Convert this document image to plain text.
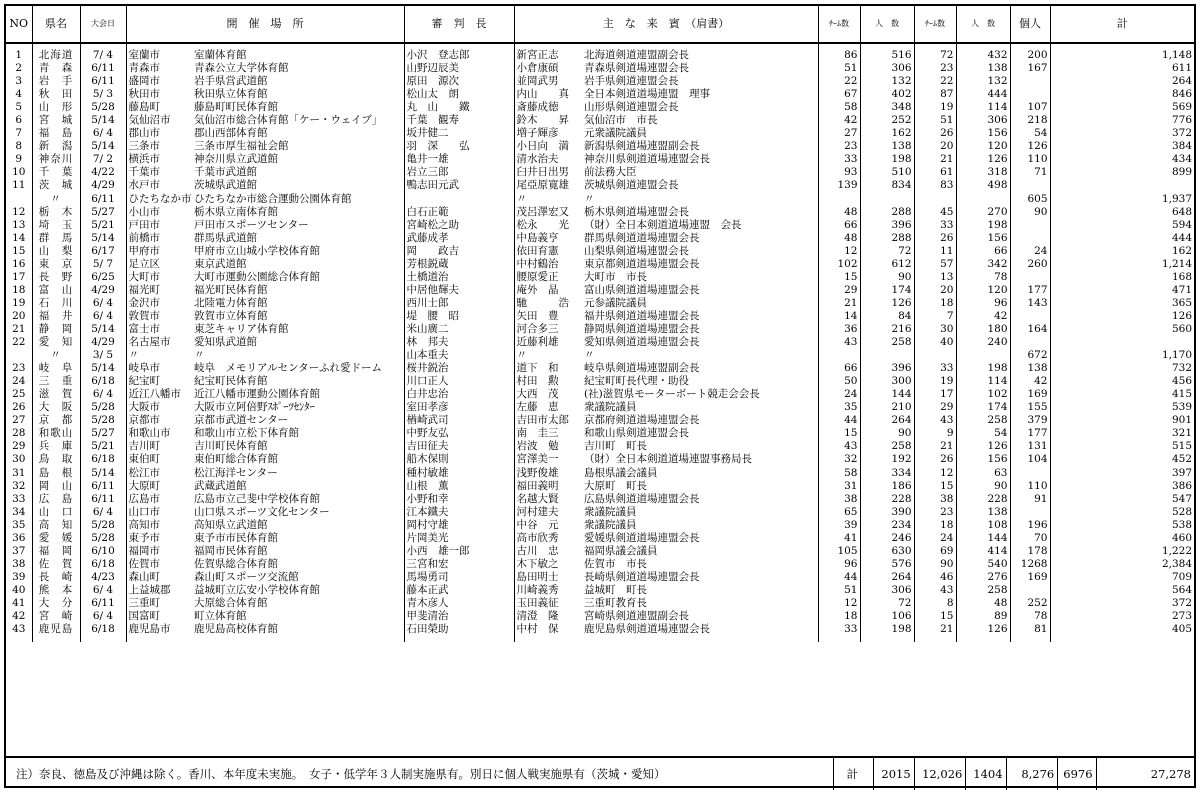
NO	県名	大会日	開　催　場　所		審　判　長	主　な　来　賓　（肩書）		ﾁｰﾑ数	人　数	ﾁｰﾑ数	人　数	個人	計
1	北海道	7/ 4	室蘭市	室蘭体育館	小沢　登志郎	新宮正志	北海道剣道連盟副会長	86	516	72	432	200	1,148
2	青　森	6/11	青森市	青森公立大学体育館	山野辺辰美	小倉康碩	青森県剣道場連盟会長	51	306	23	138	167	611
3	岩　手	6/11	盛岡市	岩手県営武道館	原田　源次	並岡武男	岩手県剣道連盟会長	22	132	22	132		264
4	秋　田	5/ 3	秋田市	秋田県立体育館	松山太　朗	内山　　真	全日本剣道道場連盟　理事	67	402	87	444		846
5	山　形	5/28	藤島町	藤島町町民体育館	丸　山　　鐵	斎藤成徳	山形県剣道連盟会長	58	348	19	114	107	569
6	宮　城	5/14	気仙沼市	気仙沼市総合体育館「ケー・ウェイブ」	千葉　観寿	鈴木　　昇	気仙沼市　市長	42	252	51	306	218	776
7	福　島	6/ 4	郡山市	郡山西部体育館	坂井健二	増子輝彦	元衆議院議員	27	162	26	156	54	372
8	新　潟	5/14	三条市	三条市厚生福祉会館	羽　深　　弘	小日向　満	新潟県剣道場連盟副会長	23	138	20	120	126	384
9	神奈川	7/ 2	横浜市	神奈川県立武道館	亀井一雄	清水治夫	神奈川県剣道道場連盟会長	33	198	21	126	110	434
10	千　葉	4/22	千葉市	千葉市武道館	岩立三郎	臼井日出男	前法務大臣	93	510	61	318	71	899
11	茨　城	4/29	水戸市	茨城県武道館	鴨志田元武	尾亞原寛雄	茨城県剣道連盟会長	139	834	83	498		
	〃	6/11	ひたちなか市	ひたちなか市総合運動公園体育館		〃	〃					605	1,937
12	栃　木	5/27	小山市	栃木県立南体育館	白石正範	茂呂澤宏又	栃木県剣道場連盟会長	48	288	45	270	90	648
13	埼　玉	5/21	戸田市	戸田市スポーツセンター	宮崎松之助	松永　　光	（財）全日本剣道道場連盟　会長	66	396	33	198		594
14	群　馬	5/14	前橋市	群馬県武道館	武藤成孝	中島義亨	群馬県剣道道場連盟会長	48	288	26	156		444
15	山　梨	6/17	甲府市	甲府市立山城小学校体育館	岡　　政吉	依田育憲	山梨県剣道場連盟会長	12	72	11	66	24	162
16	東　京	5/ 7	足立区	東京武道館	芳根鋭蔵	中村鶴治	東京都剣道道場連盟会長	102	612	57	342	260	1,214
17	長　野	6/25	大町市	大町市運動公園総合体育館	土橋道治	腰原愛正	大町市　市長	15	90	13	78		168
18	富　山	4/29	福光町	福光町民体育館	中居他輝夫	庵外　晶	富山県剣道道場連盟会長	29	174	20	120	177	471
19	石　川	6/ 4	金沢市	北陸電力体育館	西川士郎	馳　　　浩	元参議院議員	21	126	18	96	143	365
20	福　井	6/ 4	敦賀市	敦賀市立体育館	堤　腰　昭	矢田　豊	福井県剣道道場連盟会長	14	84	7	42		126
21	静　岡	5/14	富士市	東芝キャリア体育館	米山廣二	河合多三	静岡県剣道道場連盟会長	36	216	30	180	164	560
22	愛　知	4/29	名古屋市	愛知県武道館	林　邦夫	近藤利雄	愛知県剣道道場連盟会長	43	258	40	240		
	〃	3/ 5	〃	〃	山本重夫	〃	〃					672	1,170
23	岐　阜	5/14	岐阜市	岐阜　メモリアルセンターふれ愛ドーム	桜井鋭治	道下　和	岐阜県剣道場連盟副会長	66	396	33	198	138	732
24	三　重	6/18	紀宝町	紀宝町民体育館	川口正人	村田　勲	紀宝町町長代理・助役	50	300	19	114	42	456
25	滋　賀	6/ 4	近江八幡市	近江八幡市運動公園体育館	白井忠治	大西　茂	(社)滋賀県モーターボート競走会会長	24	144	17	102	169	415
26	大　阪	5/28	大阪市	大阪市立阿倍野ｽﾎﾟｰﾂｾﾝﾀｰ	室田孝彦	左藤　恵	衆議院議員	35	210	29	174	155	539
27	京　都	5/28	京都市	京都市武道センター	楢崎武司	吉田市太郎	京都府剣道道場連盟会長	44	264	43	258	379	901
28	和歌山	5/27	和歌山市	和歌山市立松下体育館	中野友弘	南　圭三	和歌山県剣道連盟会長	15	90	9	54	177	321
29	兵　庫	5/21	吉川町	吉川町民体育館	吉田征夫	岩波　勉	吉川町　町長	43	258	21	126	131	515
30	鳥　取	6/18	東伯町	東伯町総合体育館	船木保則	宮澤美一	（財）全日本剣道道場連盟事務局長	32	192	26	156	104	452
31	島　根	5/14	松江市	松江海洋センター	種村敏雄	浅野俊雄	島根県議会議員	58	334	12	63		397
32	岡　山	6/11	大原町	武蔵武道館	山根　薫	福田義明	大原町　町長	31	186	15	90	110	386
33	広　島	6/11	広島市	広島市立己斐中学校体育館	小野和幸	名越大賢	広島県剣道道場連盟会長	38	228	38	228	91	547
34	山　口	6/ 4	山口市	山口県スポーツ文化センター	江本鐵夫	河村建夫	衆議院議員	65	390	23	138		528
35	高　知	5/28	高知市	高知県立武道館	岡村守雄	中谷　元	衆議院議員	39	234	18	108	196	538
36	愛　媛	5/28	東予市	東予市市民体育館	片岡美光	高市欣秀	愛媛県剣道道場連盟会長	41	246	24	144	70	460
37	福　岡	6/10	福岡市	福岡市民体育館	小西　雄一郎	古川　忠	福岡県議会議員	105	630	69	414	178	1,222
38	佐　賀	6/18	佐賀市	佐賀県総合体育館	三宮和宏	木下敏之	佐賀市　市長	96	576	90	540	1268	2,384
39	長　崎	4/23	森山町	森山町スポーツ交流館	馬場勇司	島田明士	長崎県剣道道場連盟会長	44	264	46	276	169	709
40	熊　本	6/ 4	上益城郡	益城町立広安小学校体育館	藤本正武	川崎義秀	益城町　町長	51	306	43	258		564
41	大　分	6/11	三重町	大原総合体育館	青木彦人	玉田義征	三重町教育長	12	72	8	48	252	372
42	宮　崎	6/ 4	国富町	町立体育館	甲斐清治	清澄　隆	宮崎県剣道連盟副会長	18	106	15	89	78	273
43	鹿児島	6/18	鹿児島市	鹿児島高校体育館	石田榮助	中村　保	鹿児島県剣道道場連盟会長	33	198	21	126	81	405
注）奈良、徳島及び沖縄は除く。香川、本年度未実施。　女子・低学年３人制実施県有。別日に個人戦実施県有（茨城・愛知）	計	2015 12,026 1404	8,276 6976	27,278
